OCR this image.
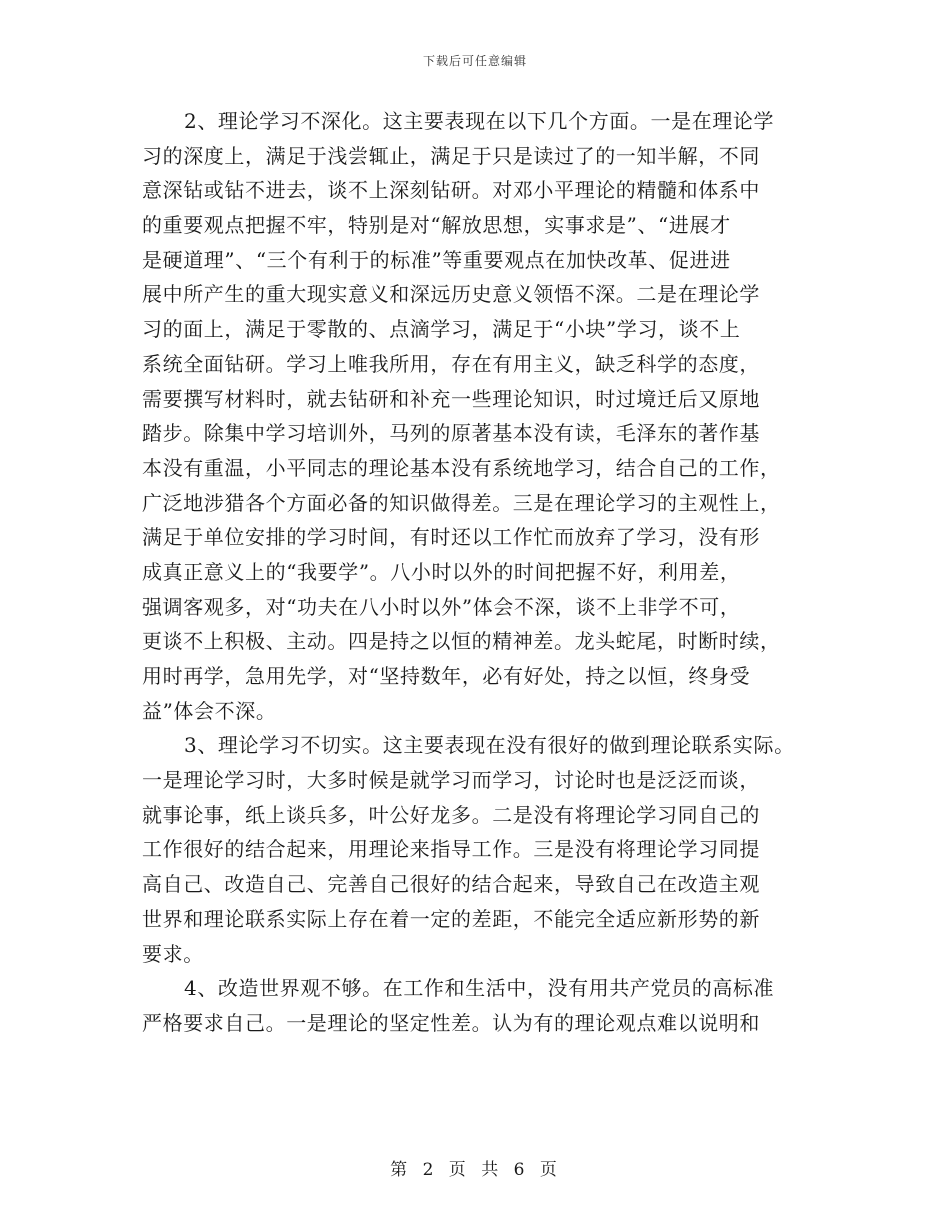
下载后可任意编辑

2、理论学习不深化。这主要表现在以下几个方面。一是在理论学
习的深度上，满足于浅尝辄止，满足于只是读过了的一知半解，不同
意深钻或钻不进去，谈不上深刻钻研。对邓小平理论的精髓和体系中
的重要观点把握不牢，特别是对“解放思想，实事求是”、“进展才
是硬道理”、“三个有利于的标准”等重要观点在加快改革、促进进
展中所产生的重大现实意义和深远历史意义领悟不深。二是在理论学
习的面上，满足于零散的、点滴学习，满足于“小块”学习，谈不上
系统全面钻研。学习上唯我所用，存在有用主义，缺乏科学的态度，
需要撰写材料时，就去钻研和补充一些理论知识，时过境迁后又原地
踏步。除集中学习培训外，马列的原著基本没有读，毛泽东的著作基
本没有重温，小平同志的理论基本没有系统地学习，结合自己的工作，
广泛地涉猎各个方面必备的知识做得差。三是在理论学习的主观性上，
满足于单位安排的学习时间，有时还以工作忙而放弃了学习，没有形
成真正意义上的“我要学”。八小时以外的时间把握不好，利用差，
强调客观多，对“功夫在八小时以外”体会不深，谈不上非学不可，
更谈不上积极、主动。四是持之以恒的精神差。龙头蛇尾，时断时续，
用时再学，急用先学，对“坚持数年，必有好处，持之以恒，终身受
益”体会不深。

3、理论学习不切实。这主要表现在没有很好的做到理论联系实际。
一是理论学习时，大多时候是就学习而学习，讨论时也是泛泛而谈，
就事论事，纸上谈兵多，叶公好龙多。二是没有将理论学习同自己的
工作很好的结合起来，用理论来指导工作。三是没有将理论学习同提
高自己、改造自己、完善自己很好的结合起来，导致自己在改造主观
世界和理论联系实际上存在着一定的差距，不能完全适应新形势的新
要求。

4、改造世界观不够。在工作和生活中，没有用共产党员的高标准
严格要求自己。一是理论的坚定性差。认为有的理论观点难以说明和

第 2 页 共 6 页
